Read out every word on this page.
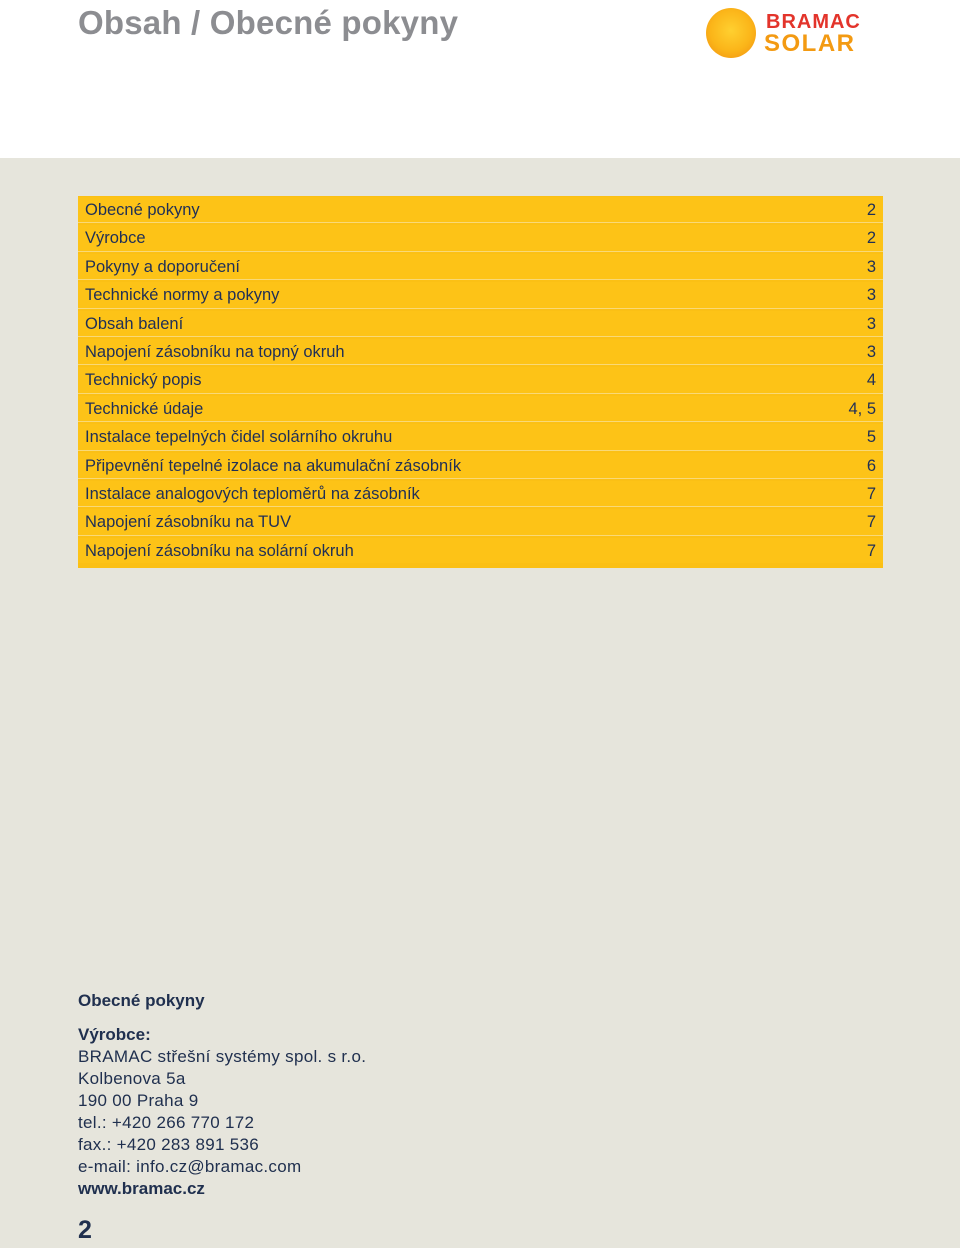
Obsah / Obecné pokyny	BRAMAC
SOLAR
Obecné pokyny	2
Výrobce	2
Pokyny a doporučení	3
Technické normy a pokyny	3
Obsah balení	3
Napojení zásobníku na topný okruh	3
Technický popis	4
Technické údaje	4, 5
Instalace tepelných čidel solárního okruhu	5
Připevnění tepelné izolace na akumulační zásobník	6
Instalace analogových teploměrů na zásobník	7
Napojení zásobníku na TUV	7
Napojení zásobníku na solární okruh	7
Obecné pokyny
Výrobce:
BRAMAC střešní systémy spol. s r.o.
Kolbenova 5a
190 00 Praha 9
tel.: +420 266 770 172
fax.: +420 283 891 536
e-mail: info.cz@bramac.com
www.bramac.cz
2
